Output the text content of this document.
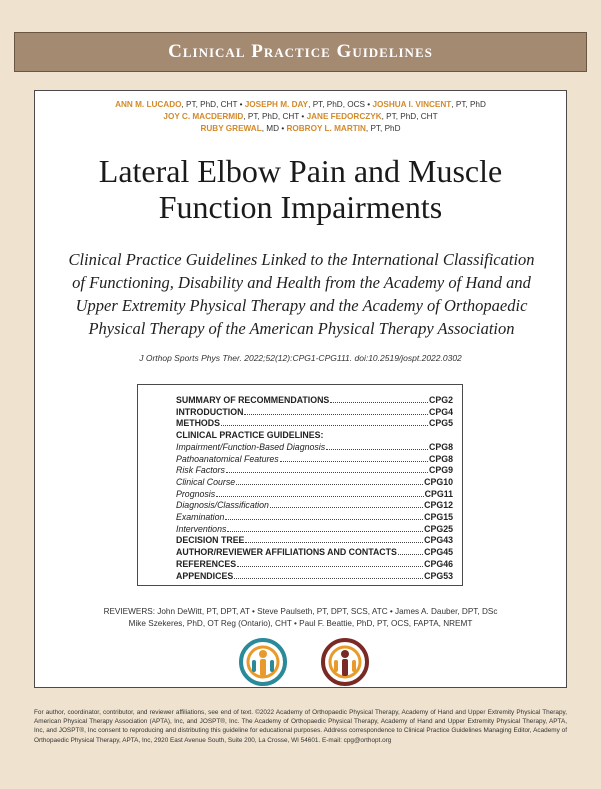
Clinical Practice Guidelines
ANN M. LUCADO, PT, PhD, CHT • JOSEPH M. DAY, PT, PhD, OCS • JOSHUA I. VINCENT, PT, PhD
JOY C. MACDERMID, PT, PhD, CHT • JANE FEDORCZYK, PT, PhD, CHT
RUBY GREWAL, MD • ROBROY L. MARTIN, PT, PhD
Lateral Elbow Pain and Muscle
Function Impairments
Clinical Practice Guidelines Linked to the International Classification
of Functioning, Disability and Health from the Academy of Hand and
Upper Extremity Physical Therapy and the Academy of Orthopaedic
Physical Therapy of the American Physical Therapy Association
J Orthop Sports Phys Ther. 2022;52(12):CPG1-CPG111. doi:10.2519/jospt.2022.0302
SUMMARY OF RECOMMENDATIONS	CPG2
INTRODUCTION	CPG4
METHODS	CPG5
CLINICAL PRACTICE GUIDELINES:
Impairment/Function-Based Diagnosis	CPG8
Pathoanatomical Features	CPG8
Risk Factors	CPG9
Clinical Course	CPG10
Prognosis	CPG11
Diagnosis/Classification	CPG12
Examination	CPG15
Interventions	CPG25
DECISION TREE	CPG43
AUTHOR/REVIEWER AFFILIATIONS AND CONTACTS	CPG45
REFERENCES	CPG46
APPENDICES	CPG53
REVIEWERS: John DeWitt, PT, DPT, AT • Steve Paulseth, PT, DPT, SCS, ATC • James A. Dauber, DPT, DSc
Mike Szekeres, PhD, OT Reg (Ontario), CHT • Paul F. Beattie, PhD, PT, OCS, FAPTA, NREMT
For author, coordinator, contributor, and reviewer affiliations, see end of text. ©2022 Academy of Orthopaedic Physical Therapy, Academy of Hand and Upper Extremity Physical Therapy, American Physical Therapy Association (APTA), Inc, and JOSPT®, Inc. The Academy of Orthopaedic Physical Therapy, Academy of Hand and Upper Extremity Physical Therapy, APTA, Inc, and JOSPT®, Inc consent to reproducing and distributing this guideline for educational purposes. Address correspondence to Clinical Practice Guidelines Managing Editor, Academy of Orthopaedic Physical Therapy, APTA, Inc, 2920 East Avenue South, Suite 200, La Crosse, WI 54601. E-mail: cpg@orthopt.org
